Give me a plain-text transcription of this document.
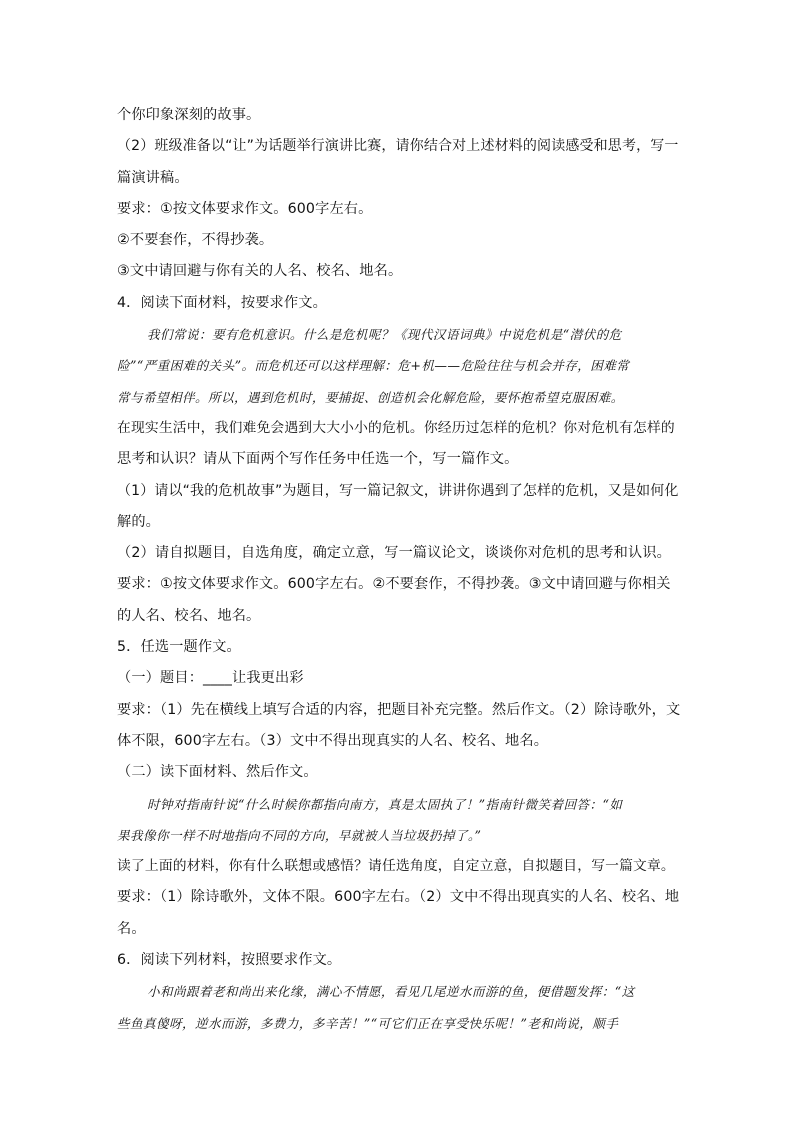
个你印象深刻的故事。
（2）班级准备以“让”为话题举行演讲比赛，请你结合对上述材料的阅读感受和思考，写一
篇演讲稿。
要求：①按文体要求作文。600字左右。
②不要套作，不得抄袭。
③文中请回避与你有关的人名、校名、地名。
4．阅读下面材料，按要求作文。
我们常说：要有危机意识。什么是危机呢？《现代汉语词典》中说危机是“潜伏的危
险”“严重困难的关头”。而危机还可以这样理解：危+机——危险往往与机会并存，困难常
常与希望相伴。所以，遇到危机时，要捕捉、创造机会化解危险，要怀抱希望克服困难。
在现实生活中，我们难免会遇到大大小小的危机。你经历过怎样的危机？你对危机有怎样的
思考和认识？请从下面两个写作任务中任选一个，写一篇作文。
（1）请以“我的危机故事”为题目，写一篇记叙文，讲讲你遇到了怎样的危机，又是如何化
解的。
（2）请自拟题目，自选角度，确定立意，写一篇议论文，谈谈你对危机的思考和认识。
要求：①按文体要求作文。600字左右。②不要套作，不得抄袭。③文中请回避与你相关
的人名、校名、地名。
5．任选一题作文。
（一）题目：____让我更出彩
要求：（1）先在横线上填写合适的内容，把题目补充完整。然后作文。（2）除诗歌外，文
体不限，600字左右。（3）文中不得出现真实的人名、校名、地名。
（二）读下面材料、然后作文。
时钟对指南针说“什么时候你都指向南方，真是太固执了！”指南针微笑着回答：“如
果我像你一样不时地指向不同的方向，早就被人当垃圾扔掉了。”
读了上面的材料，你有什么联想或感悟？请任选角度，自定立意，自拟题目，写一篇文章。
要求：（1）除诗歌外，文体不限。600字左右。（2）文中不得出现真实的人名、校名、地
名。
6．阅读下列材料，按照要求作文。
小和尚跟着老和尚出来化缘，满心不情愿，看见几尾逆水而游的鱼，便借题发挥：“这
些鱼真傻呀，逆水而游，多费力，多辛苦！”“可它们正在享受快乐呢！”老和尚说，顺手
